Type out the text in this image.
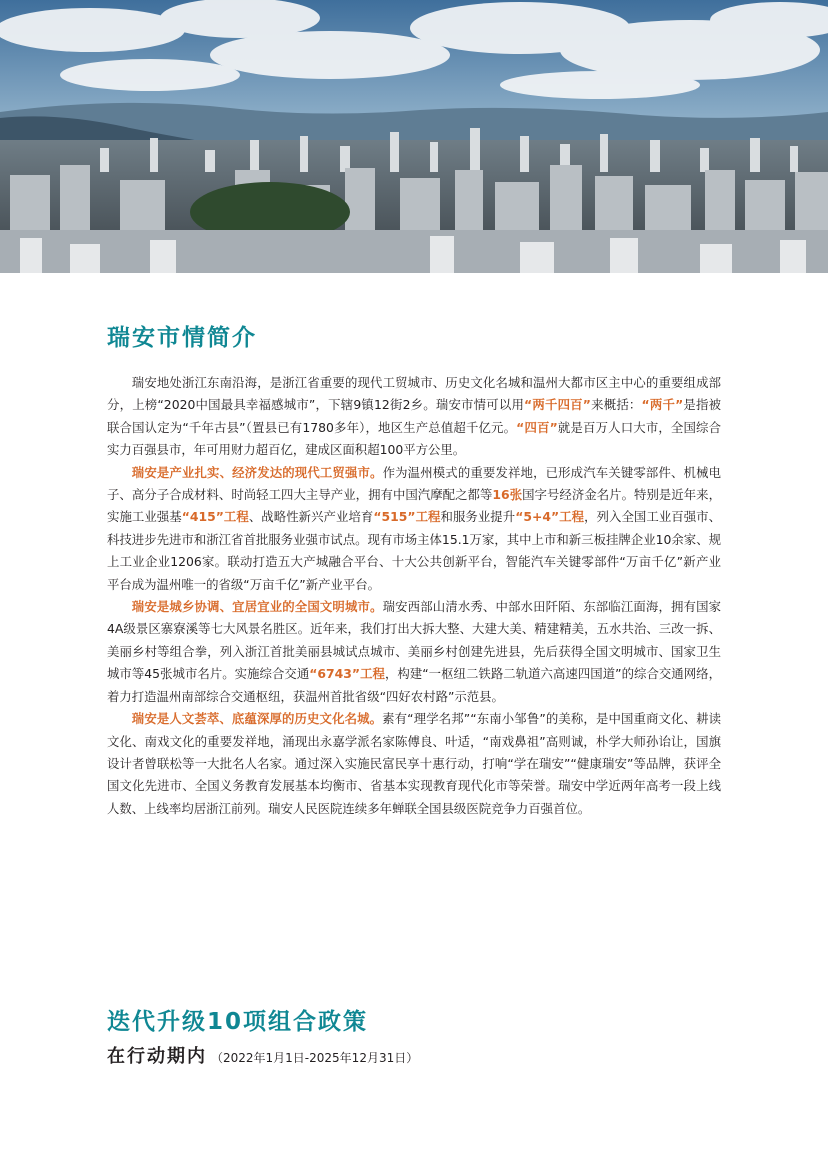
瑞安市情简介

瑞安地处浙江东南沿海，是浙江省重要的现代工贸城市、历史文化名城和温州大都市区主中心的重要组成部分，上榜“2020中国最具幸福感城市”，下辖9镇12街2乡。瑞安市情可以用“两千四百”来概括：“两千”是指被联合国认定为“千年古县”（置县已有1780多年），地区生产总值超千亿元。“四百”就是百万人口大市，全国综合实力百强县市，年可用财力超百亿，建成区面积超100平方公里。

瑞安是产业扎实、经济发达的现代工贸强市。作为温州模式的重要发祥地，已形成汽车关键零部件、机械电子、高分子合成材料、时尚轻工四大主导产业，拥有中国汽摩配之都等16张国字号经济金名片。特别是近年来，实施工业强基“415”工程、战略性新兴产业培育“515”工程和服务业提升“5+4”工程，列入全国工业百强市、科技进步先进市和浙江省首批服务业强市试点。现有市场主体15.1万家，其中上市和新三板挂牌企业10余家、规上工业企业1206家。联动打造五大产城融合平台、十大公共创新平台，智能汽车关键零部件“万亩千亿”新产业平台成为温州唯一的省级“万亩千亿”新产业平台。

瑞安是城乡协调、宜居宜业的全国文明城市。瑞安西部山清水秀、中部水田阡陌、东部临江面海，拥有国家4A级景区寨寮溪等七大风景名胜区。近年来，我们打出大拆大整、大建大美、精建精美，五水共治、三改一拆、美丽乡村等组合拳，列入浙江首批美丽县城试点城市、美丽乡村创建先进县，先后获得全国文明城市、国家卫生城市等45张城市名片。实施综合交通“6743”工程，构建“一枢纽二铁路二轨道六高速四国道”的综合交通网络，着力打造温州南部综合交通枢纽，获温州首批省级“四好农村路”示范县。

瑞安是人文荟萃、底蕴深厚的历史文化名城。素有“理学名邦”“东南小邹鲁”的美称，是中国重商文化、耕读文化、南戏文化的重要发祥地，涌现出永嘉学派名家陈傅良、叶适，“南戏鼻祖”高则诚，朴学大师孙诒让，国旗设计者曾联松等一大批名人名家。通过深入实施民富民享十惠行动，打响“学在瑞安”“健康瑞安”等品牌，获评全国文化先进市、全国义务教育发展基本均衡市、省基本实现教育现代化市等荣誉。瑞安中学近两年高考一段上线人数、上线率均居浙江前列。瑞安人民医院连续多年蝉联全国县级医院竞争力百强首位。

迭代升级10项组合政策
在行动期内 （2022年1月1日-2025年12月31日）
